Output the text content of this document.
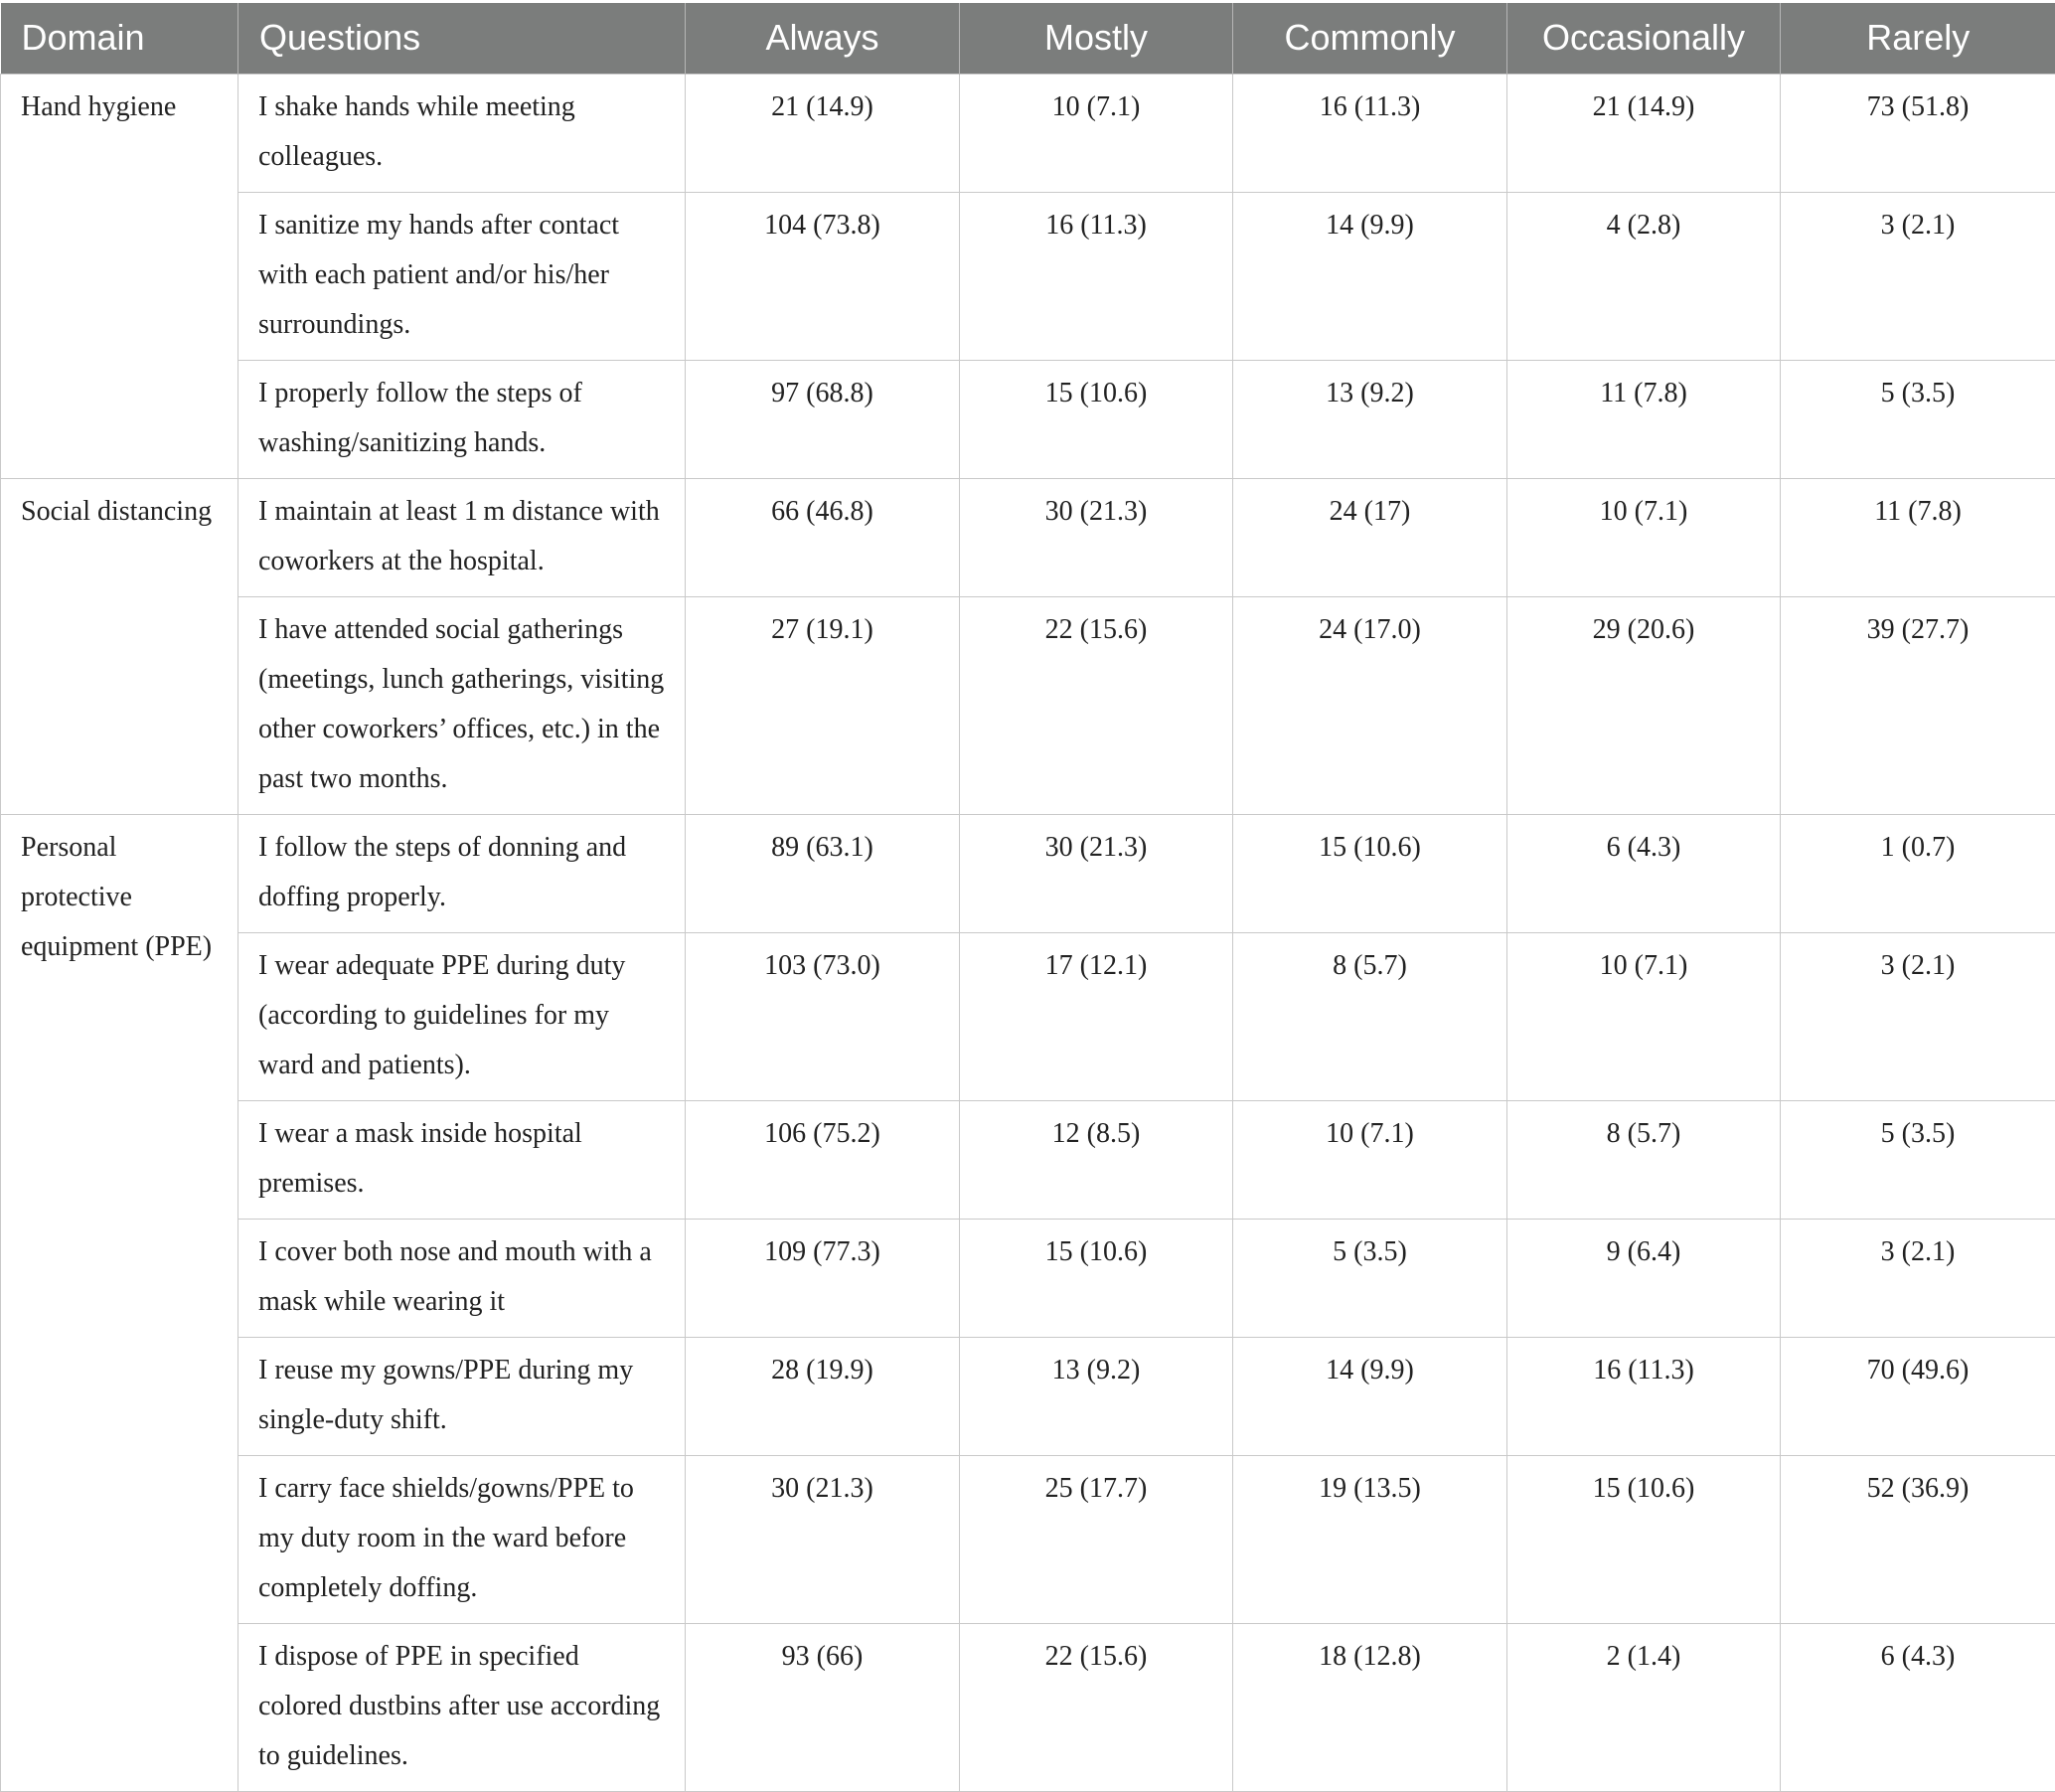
Domain	Questions	Always	Mostly	Commonly	Occasionally	Rarely
Hand hygiene	I shake hands while meeting colleagues.	21 (14.9)	10 (7.1)	16 (11.3)	21 (14.9)	73 (51.8)
	I sanitize my hands after contact with each patient and/or his/her surroundings.	104 (73.8)	16 (11.3)	14 (9.9)	4 (2.8)	3 (2.1)
	I properly follow the steps of washing/sanitizing hands.	97 (68.8)	15 (10.6)	13 (9.2)	11 (7.8)	5 (3.5)
Social distancing	I maintain at least 1 m distance with coworkers at the hospital.	66 (46.8)	30 (21.3)	24 (17)	10 (7.1)	11 (7.8)
	I have attended social gatherings (meetings, lunch gatherings, visiting other coworkers’ offices, etc.) in the past two months.	27 (19.1)	22 (15.6)	24 (17.0)	29 (20.6)	39 (27.7)
Personal protective equipment (PPE)	I follow the steps of donning and doffing properly.	89 (63.1)	30 (21.3)	15 (10.6)	6 (4.3)	1 (0.7)
	I wear adequate PPE during duty (according to guidelines for my ward and patients).	103 (73.0)	17 (12.1)	8 (5.7)	10 (7.1)	3 (2.1)
	I wear a mask inside hospital premises.	106 (75.2)	12 (8.5)	10 (7.1)	8 (5.7)	5 (3.5)
	I cover both nose and mouth with a mask while wearing it	109 (77.3)	15 (10.6)	5 (3.5)	9 (6.4)	3 (2.1)
	I reuse my gowns/PPE during my single-duty shift.	28 (19.9)	13 (9.2)	14 (9.9)	16 (11.3)	70 (49.6)
	I carry face shields/gowns/PPE to my duty room in the ward before completely doffing.	30 (21.3)	25 (17.7)	19 (13.5)	15 (10.6)	52 (36.9)
	I dispose of PPE in specified colored dustbins after use according to guidelines.	93 (66)	22 (15.6)	18 (12.8)	2 (1.4)	6 (4.3)
